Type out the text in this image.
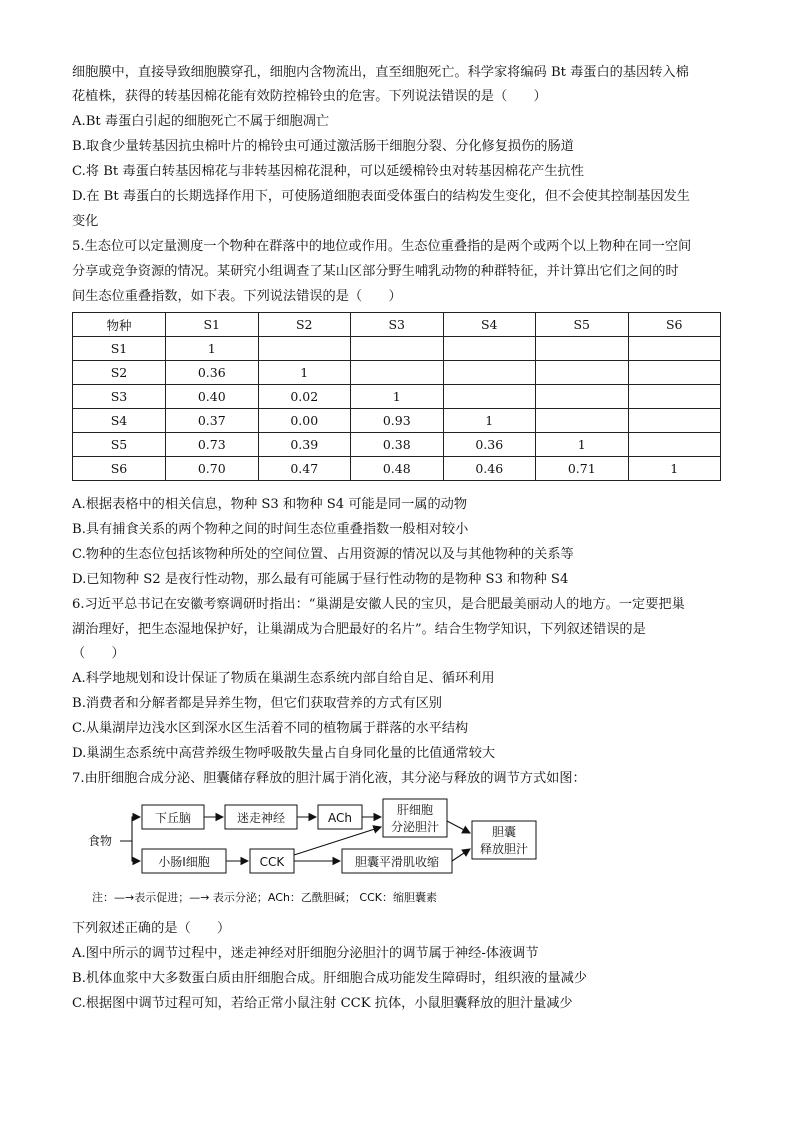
细胞膜中，直接导致细胞膜穿孔，细胞内含物流出，直至细胞死亡。科学家将编码 Bt 毒蛋白的基因转入棉
花植株，获得的转基因棉花能有效防控棉铃虫的危害。下列说法错误的是（　　）
A.Bt 毒蛋白引起的细胞死亡不属于细胞凋亡
B.取食少量转基因抗虫棉叶片的棉铃虫可通过激活肠干细胞分裂、分化修复损伤的肠道
C.将 Bt 毒蛋白转基因棉花与非转基因棉花混种，可以延缓棉铃虫对转基因棉花产生抗性
D.在 Bt 毒蛋白的长期选择作用下，可使肠道细胞表面受体蛋白的结构发生变化，但不会使其控制基因发生
变化
5.生态位可以定量测度一个物种在群落中的地位或作用。生态位重叠指的是两个或两个以上物种在同一空间
分享或竞争资源的情况。某研究小组调查了某山区部分野生哺乳动物的种群特征，并计算出它们之间的时
间生态位重叠指数，如下表。下列说法错误的是（　　）
物种	S1	S2	S3	S4	S5	S6
S1	1					
S2	0.36	1				
S3	0.40	0.02	1			
S4	0.37	0.00	0.93	1		
S5	0.73	0.39	0.38	0.36	1	
S6	0.70	0.47	0.48	0.46	0.71	1
A.根据表格中的相关信息，物种 S3 和物种 S4 可能是同一属的动物
B.具有捕食关系的两个物种之间的时间生态位重叠指数一般相对较小
C.物种的生态位包括该物种所处的空间位置、占用资源的情况以及与其他物种的关系等
D.已知物种 S2 是夜行性动物，那么最有可能属于昼行性动物的是物种 S3 和物种 S4
6.习近平总书记在安徽考察调研时指出：“巢湖是安徽人民的宝贝，是合肥最美丽动人的地方。一定要把巢
湖治理好，把生态湿地保护好，让巢湖成为合肥最好的名片”。结合生物学知识，下列叙述错误的是
（　　）
A.科学地规划和设计保证了物质在巢湖生态系统内部自给自足、循环利用
B.消费者和分解者都是异养生物，但它们获取营养的方式有区别
C.从巢湖岸边浅水区到深水区生活着不同的植物属于群落的水平结构
D.巢湖生态系统中高营养级生物呼吸散失量占自身同化量的比值通常较大
7.由肝细胞合成分泌、胆囊储存释放的胆汁属于消化液，其分泌与释放的调节方式如图：
食物
下丘脑	迷走神经	ACh
肝细胞
分泌胆汁
小肠Ⅰ细胞	CCK	胆囊平滑肌收缩
胆囊
释放胆汁
注：—→表示促进；—→ 表示分泌；ACh：乙酰胆碱； CCK：缩胆囊素
下列叙述正确的是（　　）
A.图中所示的调节过程中，迷走神经对肝细胞分泌胆汁的调节属于神经-体液调节
B.机体血浆中大多数蛋白质由肝细胞合成。肝细胞合成功能发生障碍时，组织液的量减少
C.根据图中调节过程可知，若给正常小鼠注射 CCK 抗体，小鼠胆囊释放的胆汁量减少
